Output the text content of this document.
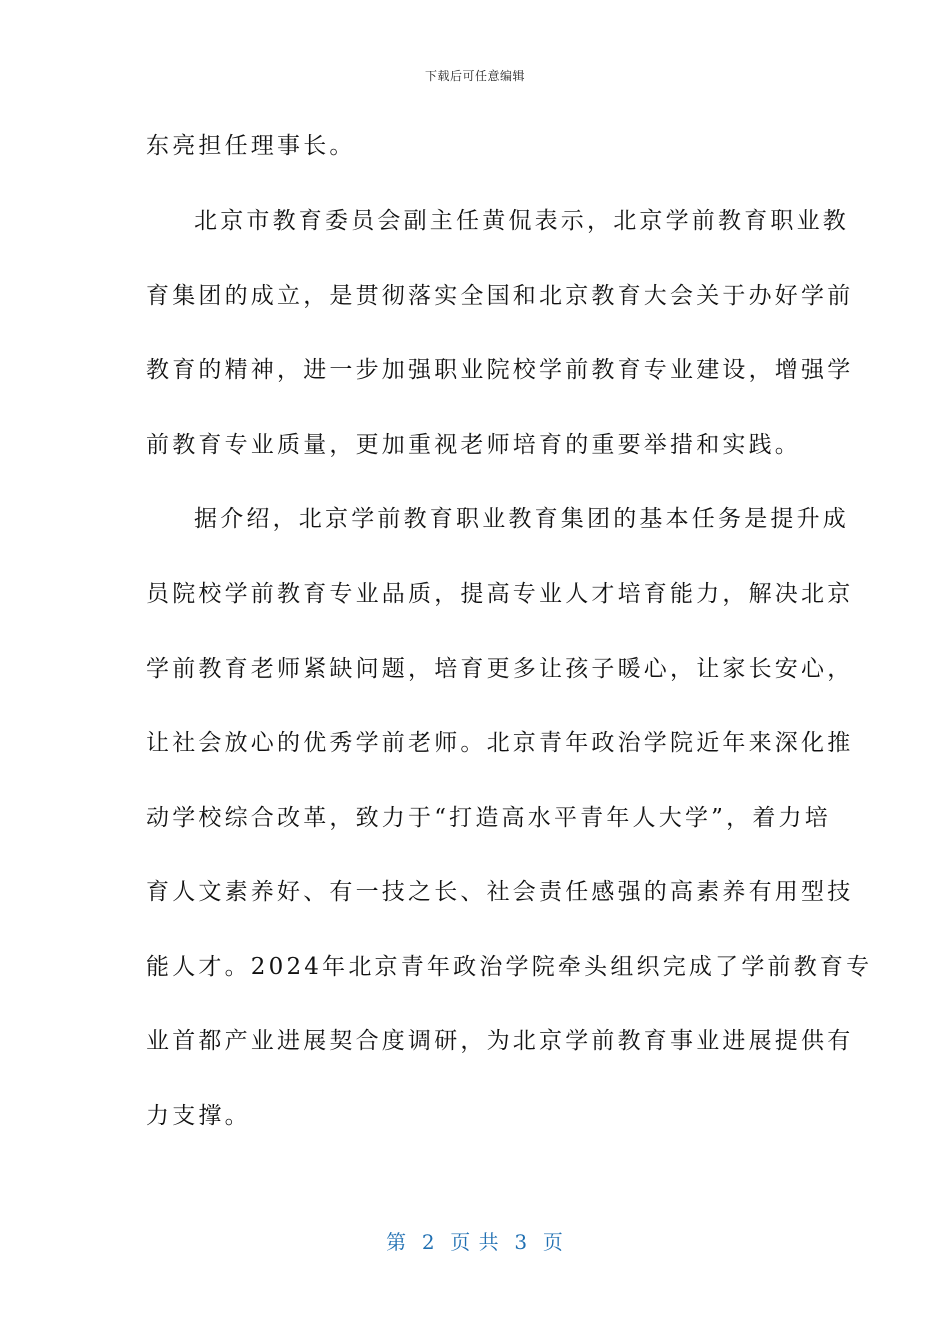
下载后可任意编辑
东亮担任理事长。
北京市教育委员会副主任黄侃表示，北京学前教育职业教
育集团的成立，是贯彻落实全国和北京教育大会关于办好学前
教育的精神，进一步加强职业院校学前教育专业建设，增强学
前教育专业质量，更加重视老师培育的重要举措和实践。
据介绍，北京学前教育职业教育集团的基本任务是提升成
员院校学前教育专业品质，提高专业人才培育能力，解决北京
学前教育老师紧缺问题，培育更多让孩子暖心，让家长安心，
让社会放心的优秀学前老师。北京青年政治学院近年来深化推
动学校综合改革，致力于“打造高水平青年人大学”，着力培
育人文素养好、有一技之长、社会责任感强的高素养有用型技
能人才。2024年北京青年政治学院牵头组织完成了学前教育专
业首都产业进展契合度调研，为北京学前教育事业进展提供有
力支撑。
第  2  页 共  3  页
